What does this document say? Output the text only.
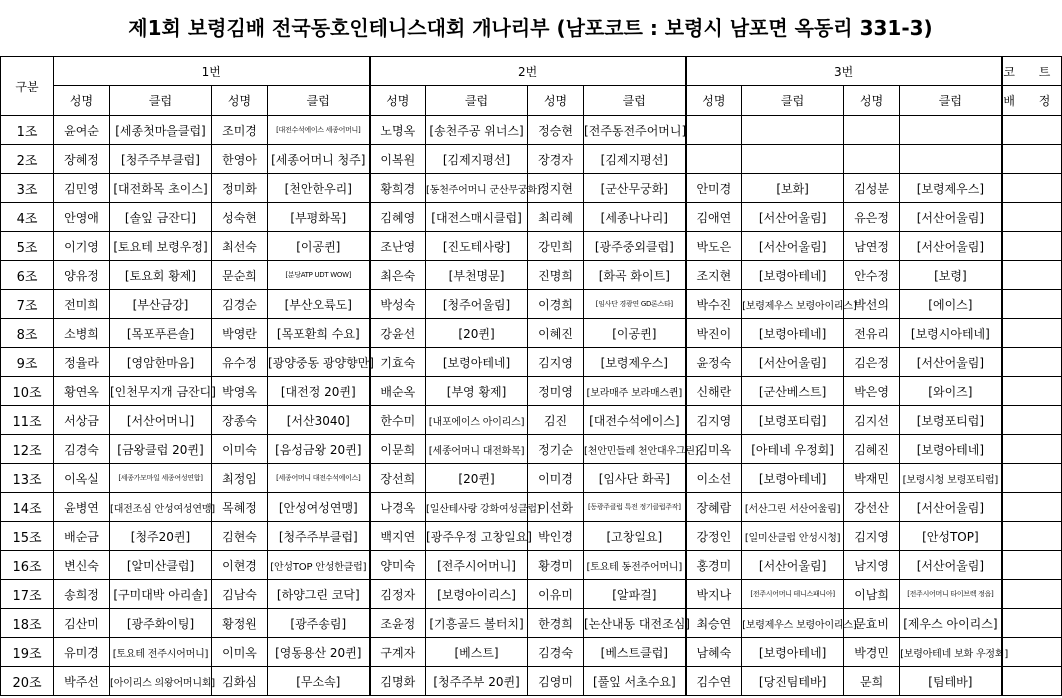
제1회 보령김배 전국동호인테니스대회 개나리부 (남포코트 : 보령시 남포면 옥동리 331-3)
구분	1번				2번				3번				코 트
	성명	클럽	성명	클럽	성명	클럽	성명	클럽	성명	클럽	성명	클럽	배 정
1조	윤여순	[세종첫마을클럽]	조미경	[대전수석에이스 세종어머니]	노명옥	[송천주공 위너스]	정승현	[전주동전주어머니]					
2조	장혜정	[청주주부클럽]	한영아	[세종어머니 청주]	이복원	[김제지평선]	장경자	[김제지평선]					
3조	김민영	[대전화목 초이스]	정미화	[천안한우리]	황희경	[동천주어머니 군산무궁화]	정지현	[군산무궁화]	안미경	[보화]	김성분	[보령제우스]	
4조	안영애	[솔잎 금잔디]	성숙현	[부평화목]	김혜영	[대전스매시클럽]	최리혜	[세종나나리]	김애연	[서산어울림]	유은정	[서산어울림]	
5조	이기영	[토요테 보령우정]	최선숙	[이공퀸]	조난영	[진도테사랑]	강민희	[광주중외클럽]	박도은	[서산어울림]	남연정	[서산어울림]	
6조	양유정	[토요회 황제]	문순희	[분당ATP UDT WOW]	최은숙	[부천명문]	진명희	[화곡 화이트]	조지현	[보령아테네]	안수정	[보령]	
7조	전미희	[부산금강]	김경순	[부산오륙도]	박성숙	[청주어울림]	이경희	[임사단 경광연 GD론스타]	박수진	[보령제우스 보령아이리스]	박선의	[에이스]	
8조	소병희	[목포푸른솔]	박영란	[목포환희 수요]	강윤선	[20퀸]	이혜진	[이공퀸]	박진이	[보령아테네]	전유리	[보령시아테네]	
9조	정율라	[영암한마음]	유수정	[광양중동 광양향만]	기효숙	[보령아테네]	김지영	[보령제우스]	윤정숙	[서산어울림]	김은정	[서산어울림]	
10조	황연옥	[인천무지개 금잔디]	박영옥	[대전정 20퀸]	배순옥	[부영 황제]	정미영	[보라매주 보라매스퀸]	신해란	[군산베스트]	박은영	[와이즈]	
11조	서상금	[서산어머니]	장종숙	[서산3040]	한수미	[내포에이스 아이리스]	김진	[대전수석에이스]	김지영	[보령포티럽]	김지선	[보령포티럽]	
12조	김경숙	[금왕클럽 20퀸]	이미숙	[음성금왕 20퀸]	이문희	[세종어머니 대전화목]	정기순	[천안민들레 천안대우그린]	김미옥	[아테네 우정회]	김혜진	[보령아테네]	
13조	이옥실	[세종가모마일 세종여성연합]	최정임	[세종어머니 대전수석에이스]	장선희	[20퀸]	이미경	[임사단 화곡]	이소선	[보령아테네]	박재민	[보령시청 보령포티럽]	
14조	윤병연	[대전조심 안성여성연맹]	목혜정	[안성여성연맹]	나경옥	[일산테사랑 강화여성클럽]	이선화	[동광주클럽 특전 정기클럽주작]	장혜람	[서산그린 서산어울림]	강선산	[서산어울림]	
15조	배순금	[청주20퀸]	김현숙	[청주주부클럽]	백지연	[광주우정 고창일요]	박인경	[고창일요]	강정인	[일미산클럽 안성시청]	김지영	[안성TOP]	
16조	변신숙	[알미산클럽]	이현경	[안성TOP 안성한클럽]	양미숙	[전주시어머니]	황경미	[토요테 동전주어머니]	홍경미	[서산어울림]	남지영	[서산어울림]	
17조	송희정	[구미대박 아리솔]	김남숙	[하양그린 코닥]	김정자	[보령아이리스]	이유미	[알파걸]	박지나	[전주시어머니 테니스패니아]	이남희	[전주시어머니 타이브렉 정읍]	
18조	김산미	[광주화이팅]	황정원	[광주송림]	조윤정	[기흥골드 볼터치]	한경희	[논산내동 대전조심]	최승연	[보령제우스 보령아이리스]	문효비	[제우스 아이리스]	
19조	유미경	[토요테 전주시어머니]	이미옥	[영동용산 20퀸]	구계자	[베스트]	김경숙	[베스트클럽]	남혜숙	[보령아테네]	박경민	[보령아테네 보화 우정회]	
20조	박주선	[아이리스 의왕어머니회]	김화심	[무소속]	김명화	[청주주부 20퀸]	김영미	[풀잎 서초수요]	김수연	[당진팀테바]	문희	[팀테바]	
